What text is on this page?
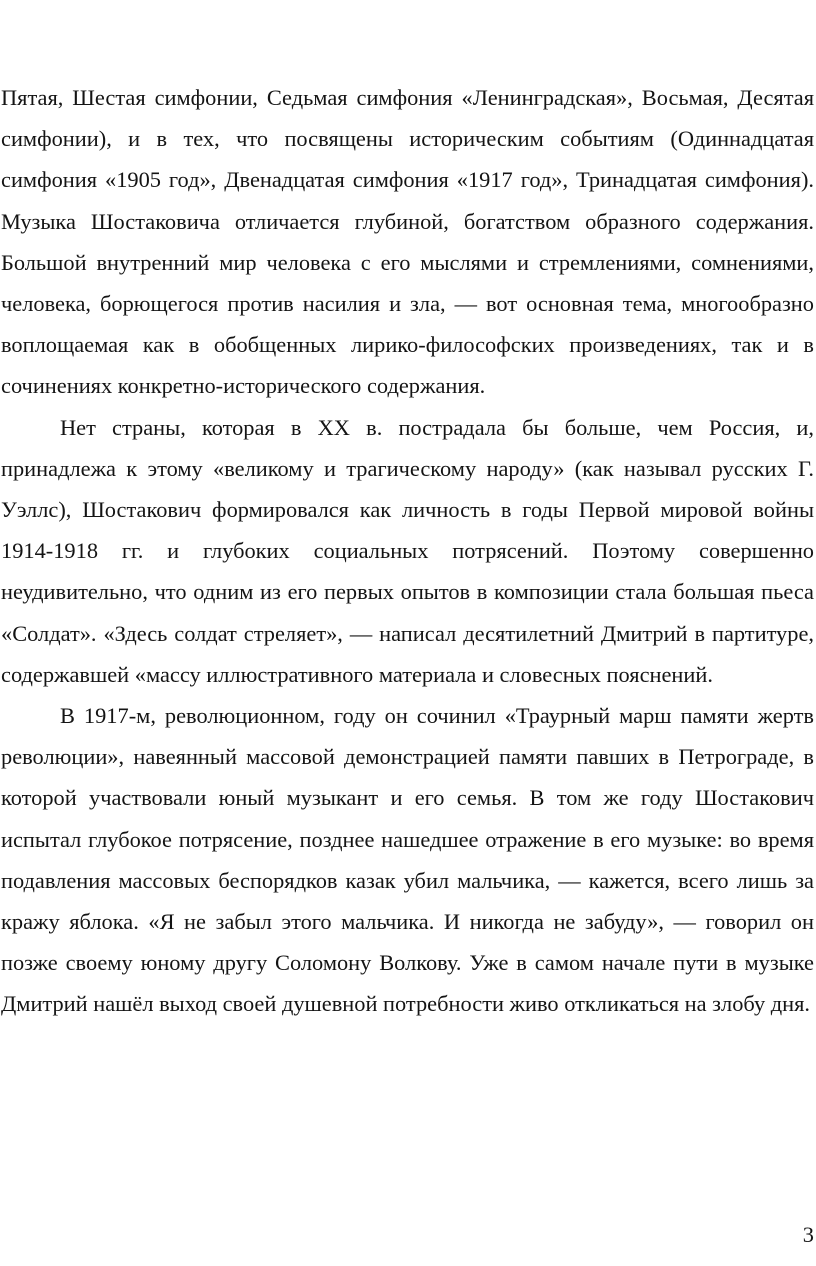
Пятая, Шестая симфонии, Седьмая симфония «Ленинградская», Восьмая, Десятая симфонии), и в тех, что посвящены историческим событиям (Одиннадцатая симфония «1905 год», Двенадцатая симфония «1917 год», Тринадцатая симфония). Музыка Шостаковича отличается глубиной, богатством образного содержания. Большой внутренний мир человека с его мыслями и стремлениями, сомнениями, человека, борющегося против насилия и зла, — вот основная тема, многообразно воплощаемая как в обобщенных лирико-философских произведениях, так и в сочинениях конкретно-исторического содержания.

Нет страны, которая в XX в. пострадала бы больше, чем Россия, и, принадлежа к этому «великому и трагическому народу» (как называл русских Г. Уэллс), Шостакович формировался как личность в годы Первой мировой войны 1914-1918 гг. и глубоких социальных потрясений. Поэтому совершенно неудивительно, что одним из его первых опытов в композиции стала большая пьеса «Солдат». «Здесь солдат стреляет», — написал десятилетний Дмитрий в партитуре, содержавшей «массу иллюстративного материала и словесных пояснений.

В 1917-м, революционном, году он сочинил «Траурный марш памяти жертв революции», навеянный массовой демонстрацией памяти павших в Петрограде, в которой участвовали юный музыкант и его семья. В том же году Шостакович испытал глубокое потрясение, позднее нашедшее отражение в его музыке: во время подавления массовых беспорядков казак убил мальчика, — кажется, всего лишь за кражу яблока. «Я не забыл этого мальчика. И никогда не забуду», — говорил он позже своему юному другу Соломону Волкову. Уже в самом начале пути в музыке Дмитрий нашёл выход своей душевной потребности живо откликаться на злобу дня.

3
